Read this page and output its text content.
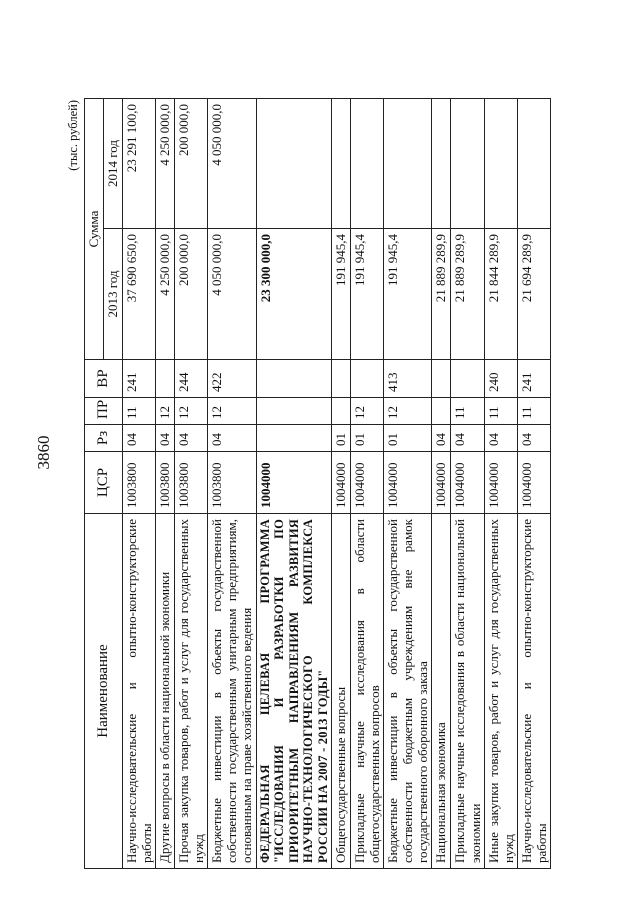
3860
(тыс. рублей)
Наименование	ЦСР	Рз	ПР	ВР	Сумма	
					2013 год	2014 год
Научно-исследовательские и опытно-конструкторские работы	1003800	04	11	241	37 690 650,0	23 291 100,0
Другие вопросы в области национальной экономики	1003800	04	12		4 250 000,0	4 250 000,0
Прочая закупка товаров, работ и услуг для государственных нужд	1003800	04	12	244	200 000,0	200 000,0
Бюджетные инвестиции в объекты государственной собственности государственным унитарным предприятиям, основанным на праве хозяйственного ведения	1003800	04	12	422	4 050 000,0	4 050 000,0
ФЕДЕРАЛЬНАЯ ЦЕЛЕВАЯ ПРОГРАММА "ИССЛЕДОВАНИЯ И РАЗРАБОТКИ ПО ПРИОРИТЕТНЫМ НАПРАВЛЕНИЯМ РАЗВИТИЯ НАУЧНО-ТЕХНОЛОГИЧЕСКОГО КОМПЛЕКСА РОССИИ НА 2007 - 2013 ГОДЫ"	1004000				23 300 000,0	
Общегосударственные вопросы	1004000	01			191 945,4	
Прикладные научные исследования в области общегосударственных вопросов	1004000	01	12		191 945,4	
Бюджетные инвестиции в объекты государственной собственности бюджетным учреждениям вне рамок государственного оборонного заказа	1004000	01	12	413	191 945,4	
Национальная экономика	1004000	04			21 889 289,9	
Прикладные научные исследования в области национальной экономики	1004000	04	11		21 889 289,9	
Иные закупки товаров, работ и услуг для государственных нужд	1004000	04	11	240	21 844 289,9	
Научно-исследовательские и опытно-конструкторские работы	1004000	04	11	241	21 694 289,9	
